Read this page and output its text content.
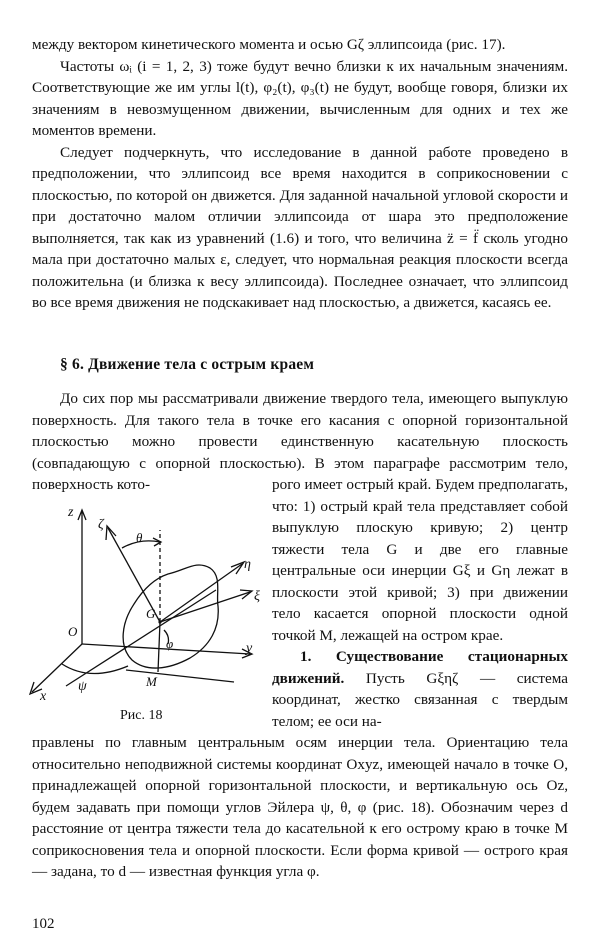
между вектором кинетического момента и осью Gζ эллипсоида (рис. 17).

Частоты ωᵢ (i = 1, 2, 3) тоже будут вечно близки к их начальным значениям. Соответствующие же им углы l(t), φ₂(t), φ₃(t) не будут, вообще говоря, близки их значениям в невозмущенном движении, вычисленным для одних и тех же моментов времени.

Следует подчеркнуть, что исследование в данной работе проведено в предположении, что эллипсоид все время находится в соприкосновении с плоскостью, по которой он движется. Для заданной начальной угловой скорости и при достаточно малом отличии эллипсоида от шара это предположение выполняется, так как из уравнений (1.6) и того, что величина z̈ = f̈ сколь угодно мала при достаточно малых ε, следует, что нормальная реакция плоскости всегда положительна (и близка к весу эллипсоида). Последнее означает, что эллипсоид во все время движения не подскакивает над плоскостью, а движется, касаясь ее.

§ 6. Движение тела с острым краем

До сих пор мы рассматривали движение твердого тела, имеющего выпуклую поверхность. Для такого тела в точке его касания с опорной горизонтальной плоскостью можно провести единственную касательную плоскость (совпадающую с опорной плоскостью). В этом параграфе рассмотрим тело, поверхность кото-	рого имеет острый край. Будем предполагать, что: 1) острый край тела представляет собой выпуклую плоскую кривую; 2) центр тяжести тела G и две его главные центральные оси инерции Gξ и Gη лежат в плоскости этой кривой; 3) при движении тело касается опорной плоскости одной точкой M, лежащей на остром крае.

1. Существование стационарных движений. Пусть Gξηζ — система координат, жестко связанная с твердым телом; ее оси на-

z
ζ
θ
η
ξ
O
G
φ	y
M
ψ
x
Рис. 18

правлены по главным центральным осям инерции тела. Ориентацию тела относительно неподвижной системы координат Oxyz, имеющей начало в точке O, принадлежащей опорной горизонтальной плоскости, и вертикальную ось Oz, будем задавать при помощи углов Эйлера ψ, θ, φ (рис. 18). Обозначим через d расстояние от центра тяжести тела до касательной к его острому краю в точке M соприкосновения тела и опорной плоскости. Если форма кривой — острого края — задана, то d — известная функция угла φ.

102
